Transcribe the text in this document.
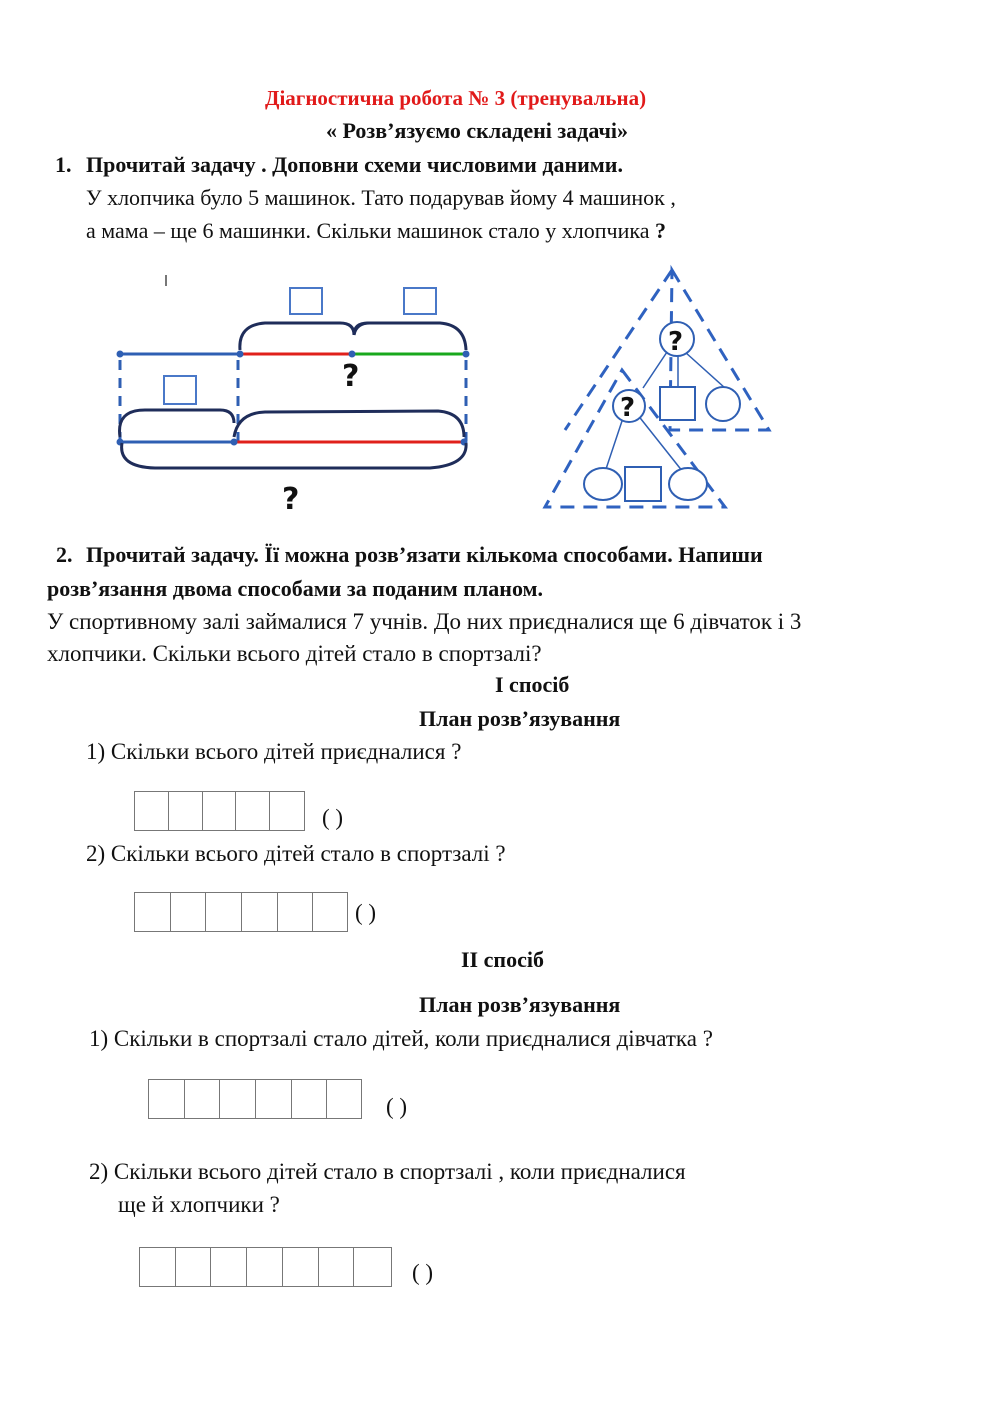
Діагностична робота № 3 (тренувальна)
« Розв’язуємо складені задачі»
1. Прочитай задачу . Доповни схеми числовими даними.
У хлопчика було 5 машинок. Тато подарував йому 4 машинок ,
а мама – ще 6 машинки. Скільки машинок стало у хлопчика ?
?
?
?
?
2. Прочитай задачу. Її можна розв’язати кількома способами. Напиши
розв’язання двома способами за поданим планом.
У спортивному залі займалися 7 учнів. До них приєдналися ще 6 дівчаток і 3
хлопчики. Скільки всього дітей стало в спортзалі?
І спосіб
План розв’язування
1) Скільки всього дітей приєдналися ?
( )
2) Скільки всього дітей стало в спортзалі ?
( )
ІІ спосіб
План розв’язування
1) Скільки в спортзалі стало дітей, коли приєдналися дівчатка ?
( )
2) Скільки всього дітей стало в спортзалі , коли приєдналися
ще й хлопчики ?
( )
